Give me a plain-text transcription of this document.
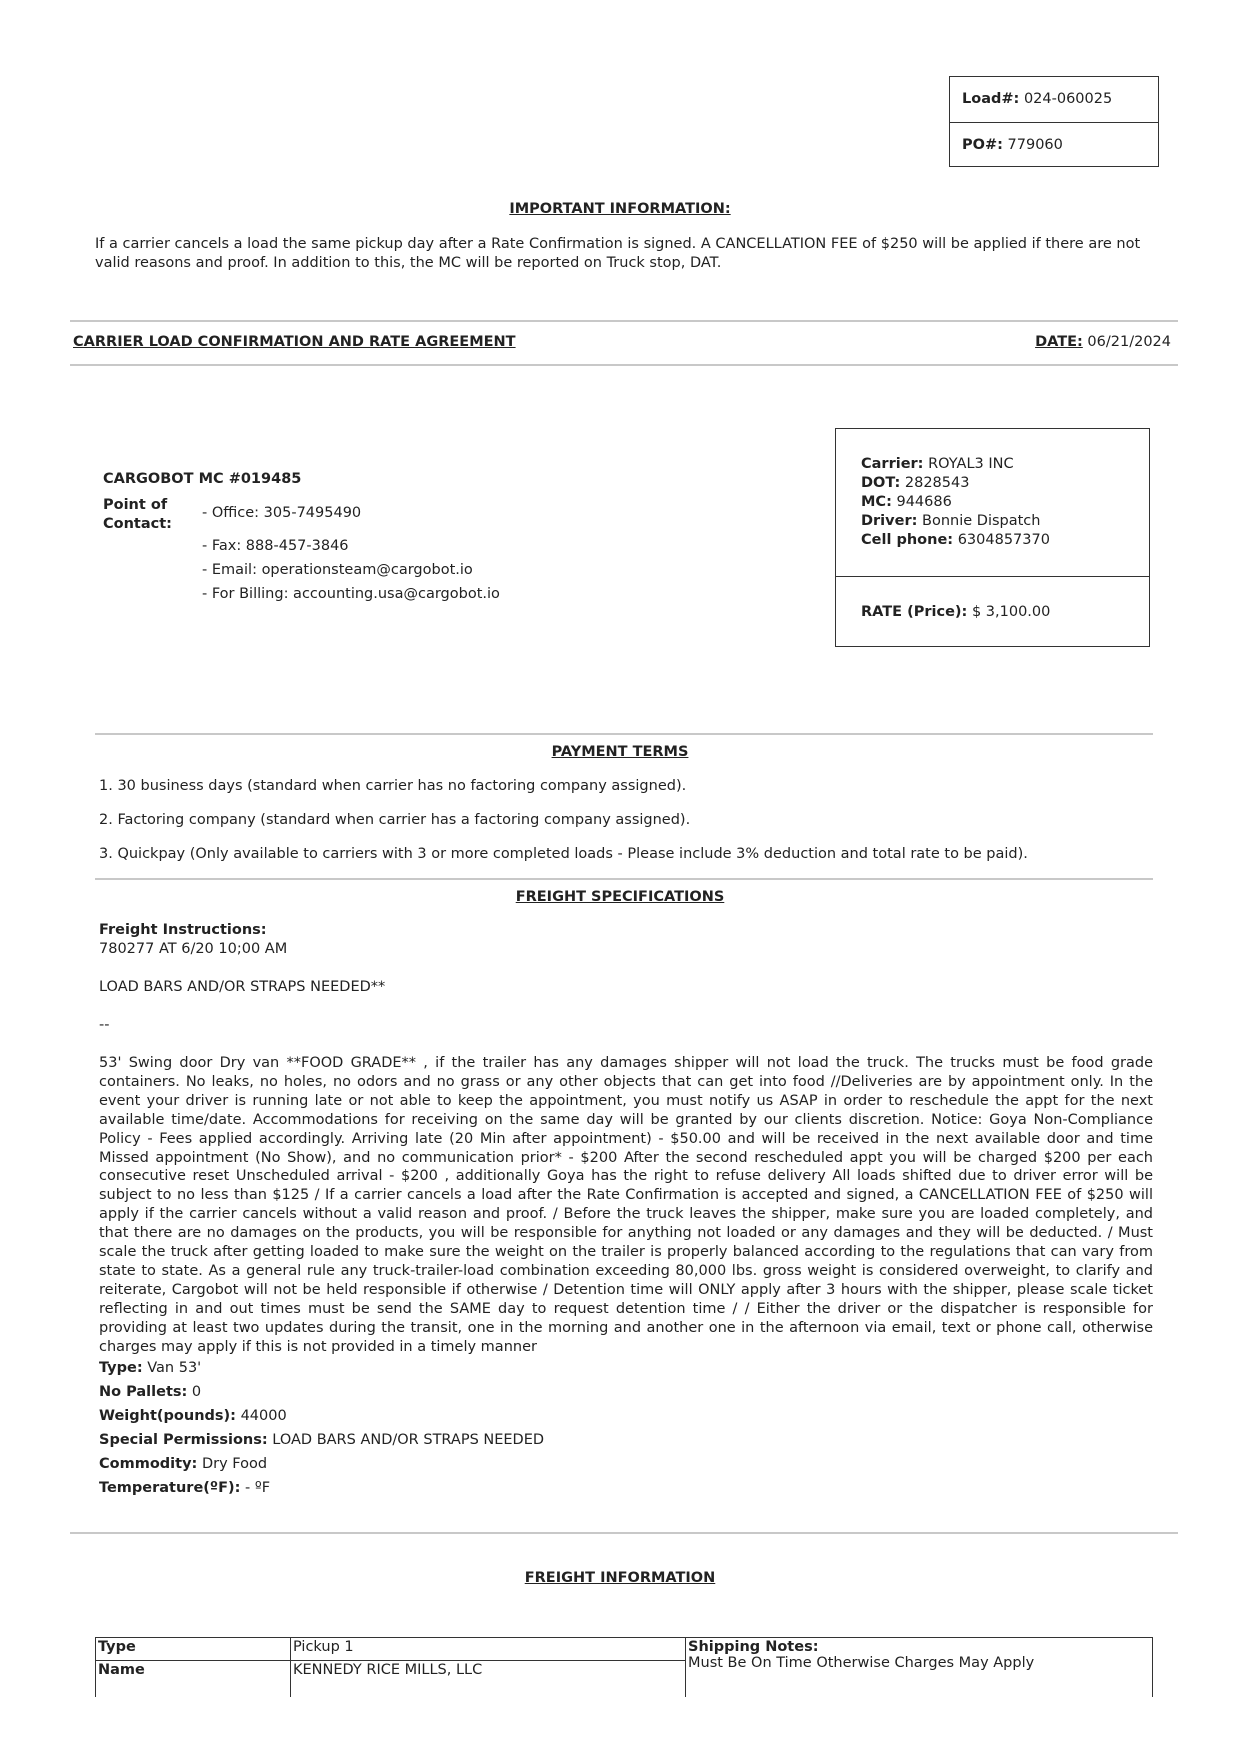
Load#: 024-060025
PO#: 779060
IMPORTANT INFORMATION:
If a carrier cancels a load the same pickup day after a Rate Confirmation is signed. A CANCELLATION FEE of $250 will be applied if there are not valid reasons and proof. In addition to this, the MC will be reported on Truck stop, DAT.
CARRIER LOAD CONFIRMATION AND RATE AGREEMENT	DATE: 06/21/2024
CARGOBOT MC #019485
Point of Contact:
- Office: 305-7495490
- Fax: 888-457-3846
- Email: operationsteam@cargobot.io
- For Billing: accounting.usa@cargobot.io
Carrier: ROYAL3 INC
DOT: 2828543
MC: 944686
Driver: Bonnie Dispatch
Cell phone: 6304857370
RATE (Price): $ 3,100.00
PAYMENT TERMS
1. 30 business days (standard when carrier has no factoring company assigned).
2. Factoring company (standard when carrier has a factoring company assigned).
3. Quickpay (Only available to carriers with 3 or more completed loads - Please include 3% deduction and total rate to be paid).
FREIGHT SPECIFICATIONS

Freight Instructions:

780277 AT 6/20 10;00 AM

LOAD BARS AND/OR STRAPS NEEDED**

--

53' Swing door Dry van **FOOD GRADE** , if the trailer has any damages shipper will not load the truck. The trucks must be food grade containers. No leaks, no holes, no odors and no grass or any other objects that can get into food //Deliveries are by appointment only. In the event your driver is running late or not able to keep the appointment, you must notify us ASAP in order to reschedule the appt for the next available time/date. Accommodations for receiving on the same day will be granted by our clients discretion. Notice: Goya Non-Compliance Policy - Fees applied accordingly. Arriving late (20 Min after appointment) - $50.00 and will be received in the next available door and time Missed appointment (No Show), and no communication prior* - $200 After the second rescheduled appt you will be charged $200 per each consecutive reset Unscheduled arrival - $200 , additionally Goya has the right to refuse delivery All loads shifted due to driver error will be subject to no less than $125 / If a carrier cancels a load after the Rate Confirmation is accepted and signed, a CANCELLATION FEE of $250 will apply if the carrier cancels without a valid reason and proof. / Before the truck leaves the shipper, make sure you are loaded completely, and that there are no damages on the products, you will be responsible for anything not loaded or any damages and they will be deducted. / Must scale the truck after getting loaded to make sure the weight on the trailer is properly balanced according to the regulations that can vary from state to state. As a general rule any truck-trailer-load combination exceeding 80,000 lbs. gross weight is considered overweight, to clarify and reiterate, Cargobot will not be held responsible if otherwise / Detention time will ONLY apply after 3 hours with the shipper, please scale ticket reflecting in and out times must be send the SAME day to request detention time / / Either the driver or the dispatcher is responsible for providing at least two updates during the transit, one in the morning and another one in the afternoon via email, text or phone call, otherwise charges may apply if this is not provided in a timely manner

Type: Van 53'
No Pallets: 0
Weight(pounds): 44000
Special Permissions: LOAD BARS AND/OR STRAPS NEEDED
Commodity: Dry Food
Temperature(ºF): - ºF
FREIGHT INFORMATION
Type	Pickup 1	Shipping Notes:
Must Be On Time Otherwise Charges May Apply

Name	KENNEDY RICE MILLS, LLC	
